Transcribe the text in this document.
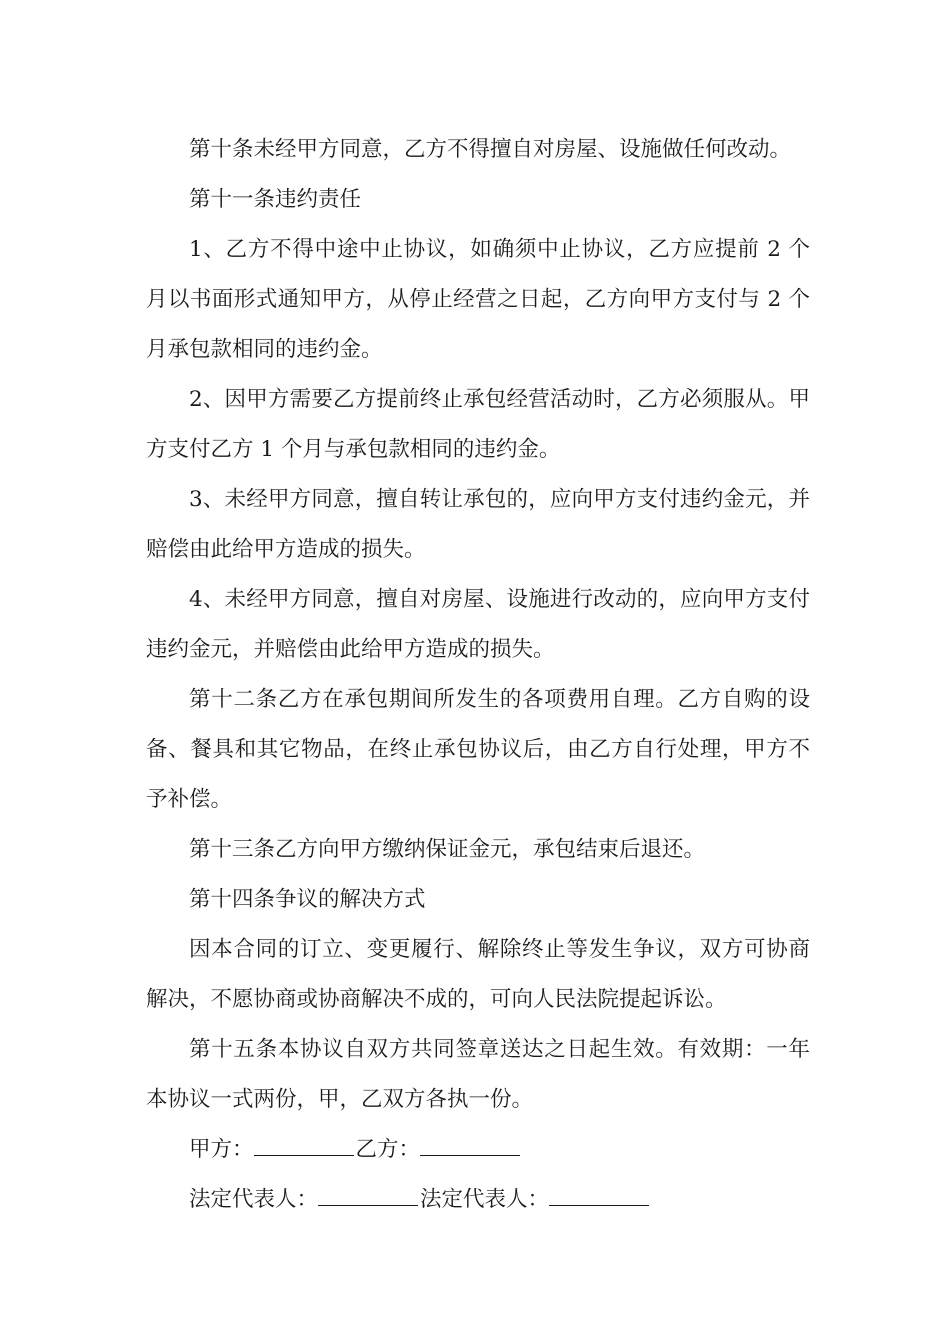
第十条未经甲方同意，乙方不得擅自对房屋、设施做任何改动。

第十一条违约责任

1、乙方不得中途中止协议，如确须中止协议，乙方应提前 2 个月以书面形式通知甲方，从停止经营之日起，乙方向甲方支付与 2 个月承包款相同的违约金。

2、因甲方需要乙方提前终止承包经营活动时，乙方必须服从。甲方支付乙方 1 个月与承包款相同的违约金。

3、未经甲方同意，擅自转让承包的，应向甲方支付违约金元，并赔偿由此给甲方造成的损失。

4、未经甲方同意，擅自对房屋、设施进行改动的，应向甲方支付违约金元，并赔偿由此给甲方造成的损失。

第十二条乙方在承包期间所发生的各项费用自理。乙方自购的设备、餐具和其它物品，在终止承包协议后，由乙方自行处理，甲方不予补偿。

第十三条乙方向甲方缴纳保证金元，承包结束后退还。

第十四条争议的解决方式

因本合同的订立、变更履行、解除终止等发生争议，双方可协商解决，不愿协商或协商解决不成的，可向人民法院提起诉讼。

第十五条本协议自双方共同签章送达之日起生效。有效期：一年本协议一式两份，甲，乙双方各执一份。

甲方：	乙方：
法定代表人：	法定代表人：
